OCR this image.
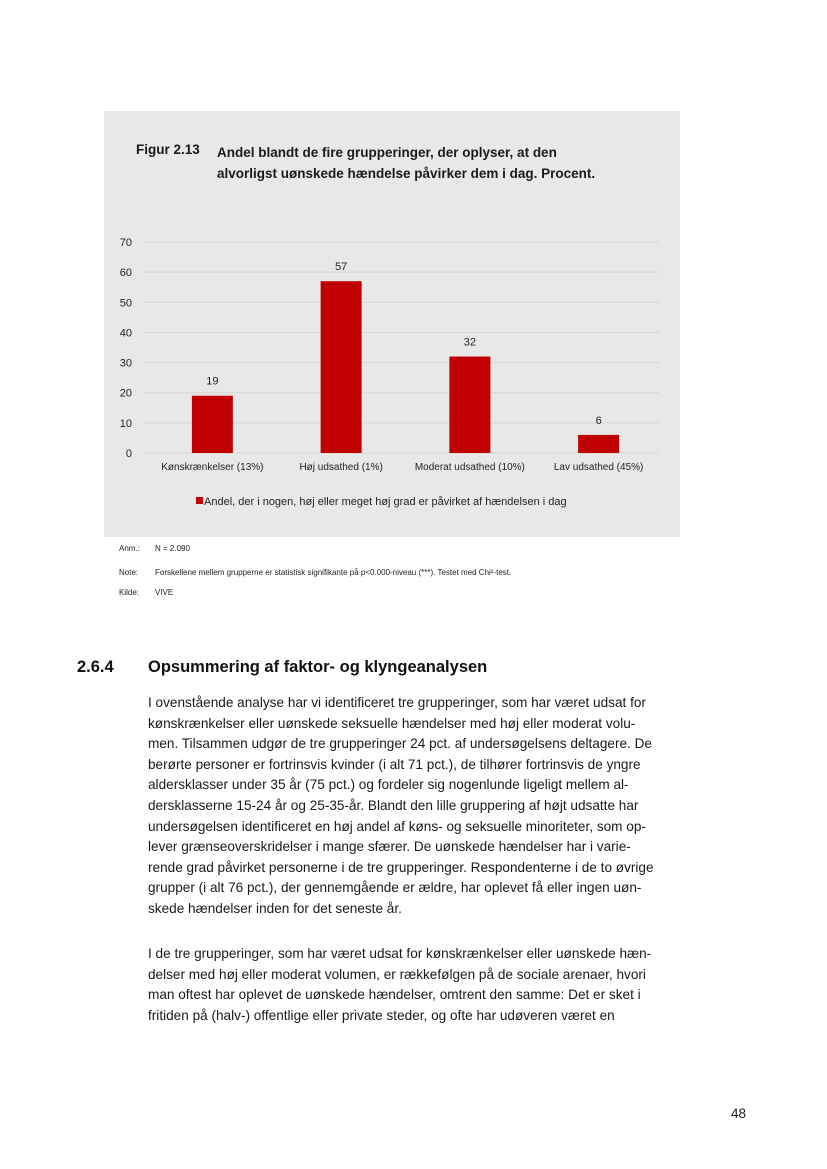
Figur 2.13 Andel blandt de fire grupperinger, der oplyser, at den
alvorligst uønskede hændelse påvirker dem i dag. Procent.
0
10
20
30
40
50
60
70
19
Kønskrænkelser (13%)
57
Høj udsathed (1%)
32
Moderat udsathed (10%)
6
Lav udsathed (45%)
Andel, der i nogen, høj eller meget høj grad er påvirket af hændelsen i dag
Anm.: N = 2.090
Note: Forskellene mellem grupperne er statistisk signifikante på p<0.000-niveau (***). Testet med Chi²-test.
Kilde: VIVE
2.6.4 Opsummering af faktor- og klyngeanalysen
I ovenstående analyse har vi identificeret tre grupperinger, som har været udsat for
kønskrænkelser eller uønskede seksuelle hændelser med høj eller moderat volu-
men. Tilsammen udgør de tre grupperinger 24 pct. af undersøgelsens deltagere. De
berørte personer er fortrinsvis kvinder (i alt 71 pct.), de tilhører fortrinsvis de yngre
aldersklasser under 35 år (75 pct.) og fordeler sig nogenlunde ligeligt mellem al-
dersklasserne 15-24 år og 25-35-år. Blandt den lille gruppering af højt udsatte har
undersøgelsen identificeret en høj andel af køns- og seksuelle minoriteter, som op-
lever grænseoverskridelser i mange sfærer. De uønskede hændelser har i varie-
rende grad påvirket personerne i de tre grupperinger. Respondenterne i de to øvrige
grupper (i alt 76 pct.), der gennemgående er ældre, har oplevet få eller ingen uøn-
skede hændelser inden for det seneste år.
I de tre grupperinger, som har været udsat for kønskrænkelser eller uønskede hæn-
delser med høj eller moderat volumen, er rækkefølgen på de sociale arenaer, hvori
man oftest har oplevet de uønskede hændelser, omtrent den samme: Det er sket i
fritiden på (halv-) offentlige eller private steder, og ofte har udøveren været en
48
